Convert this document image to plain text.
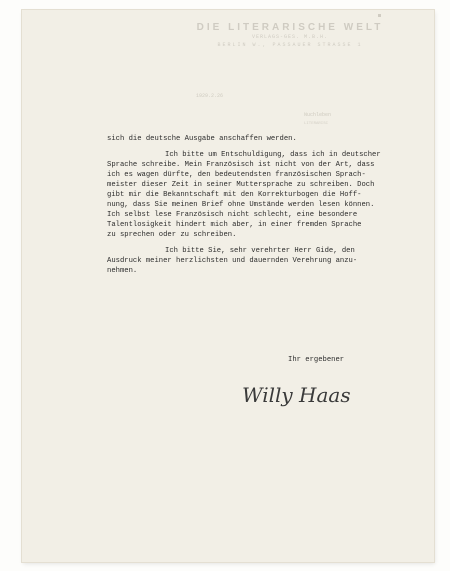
DIE LITERARISCHE WELT
VERLAGS-GES. M.B.H.
BERLIN W., PASSAUER STRASSE 1
1929.2.26
Nuchleben
LITERARISC
sich die deutsche Ausgabe anschaffen werden.
Ich bitte um Entschuldigung, dass ich in deutscher
Sprache schreibe. Mein Französisch ist nicht von der Art, dass
ich es wagen dürfte, den bedeutendsten französischen Sprach-
meister dieser Zeit in seiner Muttersprache zu schreiben. Doch
gibt mir die Bekanntschaft mit den Korrekturbogen die Hoff-
nung, dass Sie meinen Brief ohne Umstände werden lesen können.
Ich selbst lese Französisch nicht schlecht, eine besondere
Talentlosigkeit hindert mich aber, in einer fremden Sprache
zu sprechen oder zu schreiben.
Ich bitte Sie, sehr verehrter Herr Gide, den
Ausdruck meiner herzlichsten und dauernden Verehrung anzu-
nehmen.
Ihr ergebener
Willy Haas
